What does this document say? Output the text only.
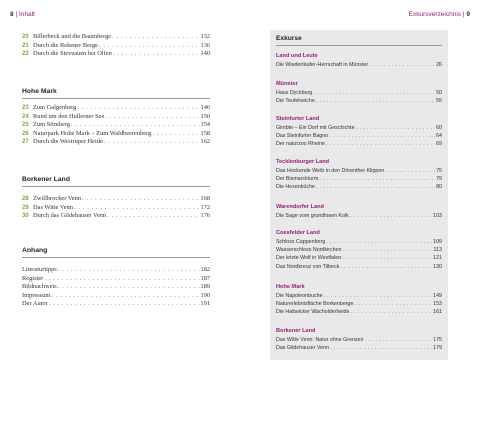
8 | Inhalt
20 Billerbeck und die Baumberge . . .	132
21 Durch die Rekener Berge . . .	136
22 Durch die Steveauen bei Olfen . . .	140
Hohe Mark
23 Zum Galgenberg . . .	146
24 Rund um den Hullerner See . . .	150
25 Zum Stimberg . . .	154
26 Naturpark Hohe Mark – Zum Waldbeerenberg . . .	158
27 Durch die Westruper Heide . . .	162
Borkener Land
28 Zwillbrocker Venn . . .	168
29 Das Witte Venn . . .	172
30 Durch das Gildehauser Venn . . .	176
Anhang
Literaturtipps . . .	182
Register . . .	187
Bildnachweis . . .	189
Impressum . . .	190
Der Autor . . .	191
Exkursverzeichnis | 9
Exkurse
Land und Leute
Die Wiedertäufer-Herrschaft in Münster . . .	26
Münster
Haus Dyckburg . . .	50
Die Teufelseiche . . .	55
Steinfurter Land
Gimbte – Ein Dorf mit Geschichte . . .	60
Das Steinfurter Bagno . . .	64
Der naturzoo Rheine . . .	69
Tecklenburger Land
Das Hockende Weib in den Dörenther Klippen . . .	75
Der Bismarckturm . . .	79
Die Hexenküche . . .	80
Warendorfer Land
Die Sage vom grundlosen Kolk . . .	103
Coesfelder Land
Schloss Cappenberg . . .	109
Wasserschloss Nordkirchen . . .	113
Der letzte Wolf in Westfalen . . .	121
Das Nordkreuz von Tilbeck . . .	130
Hohe Mark
Die Napoleonbuche . . .	149
Naturerlebnisfläche Borkenberge . . .	153
Die Haltwicker Wacholderheide . . .	161
Borkener Land
Das Witte Venn: Natur ohne Grenzen . . .	175
Das Gildehauser Venn . . .	179
